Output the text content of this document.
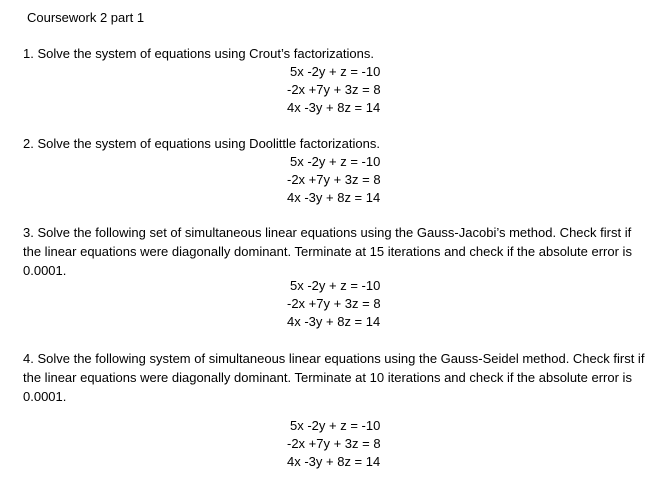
Coursework 2 part 1

1. Solve the system of equations using Crout’s factorizations.

5x -2y + z = -10
-2x +7y + 3z = 8
4x -3y + 8z = 14

2. Solve the system of equations using Doolittle factorizations.

5x -2y + z = -10
-2x +7y + 3z = 8
4x -3y + 8z = 14

3. Solve the following set of simultaneous linear equations using the Gauss-Jacobi’s method. Check first if the linear equations were diagonally dominant. Terminate at 15 iterations and check if the absolute error is 0.0001.

5x -2y + z = -10
-2x +7y + 3z = 8
4x -3y + 8z = 14

4. Solve the following system of simultaneous linear equations using the Gauss-Seidel method. Check first if the linear equations were diagonally dominant. Terminate at 10 iterations and check if the absolute error is 0.0001.

5x -2y + z = -10
-2x +7y + 3z = 8
4x -3y + 8z = 14
